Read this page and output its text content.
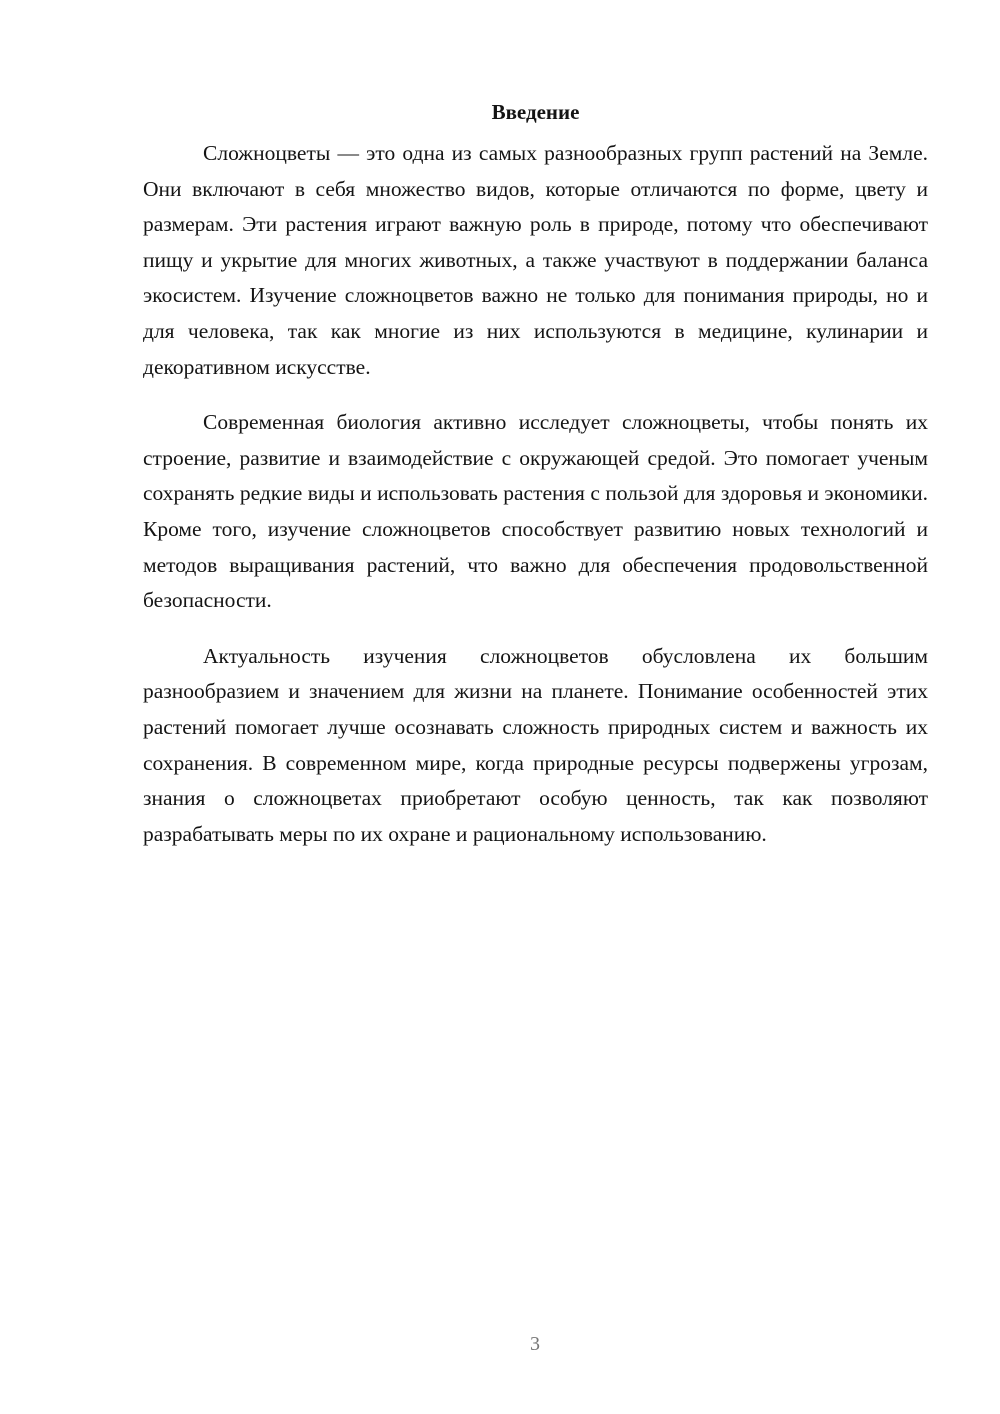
Введение

Сложноцветы — это одна из самых разнообразных групп растений на Земле. Они включают в себя множество видов, которые отличаются по форме, цвету и размерам. Эти растения играют важную роль в природе, потому что обеспечивают пищу и укрытие для многих животных, а также участвуют в поддержании баланса экосистем. Изучение сложноцветов важно не только для понимания природы, но и для человека, так как многие из них используются в медицине, кулинарии и декоративном искусстве.

Современная биология активно исследует сложноцветы, чтобы понять их строение, развитие и взаимодействие с окружающей средой. Это помогает ученым сохранять редкие виды и использовать растения с пользой для здоровья и экономики. Кроме того, изучение сложноцветов способствует развитию новых технологий и методов выращивания растений, что важно для обеспечения продовольственной безопасности.

Актуальность изучения сложноцветов обусловлена их большим разнообразием и значением для жизни на планете. Понимание особенностей этих растений помогает лучше осознавать сложность природных систем и важность их сохранения. В современном мире, когда природные ресурсы подвержены угрозам, знания о сложноцветах приобретают особую ценность, так как позволяют разрабатывать меры по их охране и рациональному использованию.

3
